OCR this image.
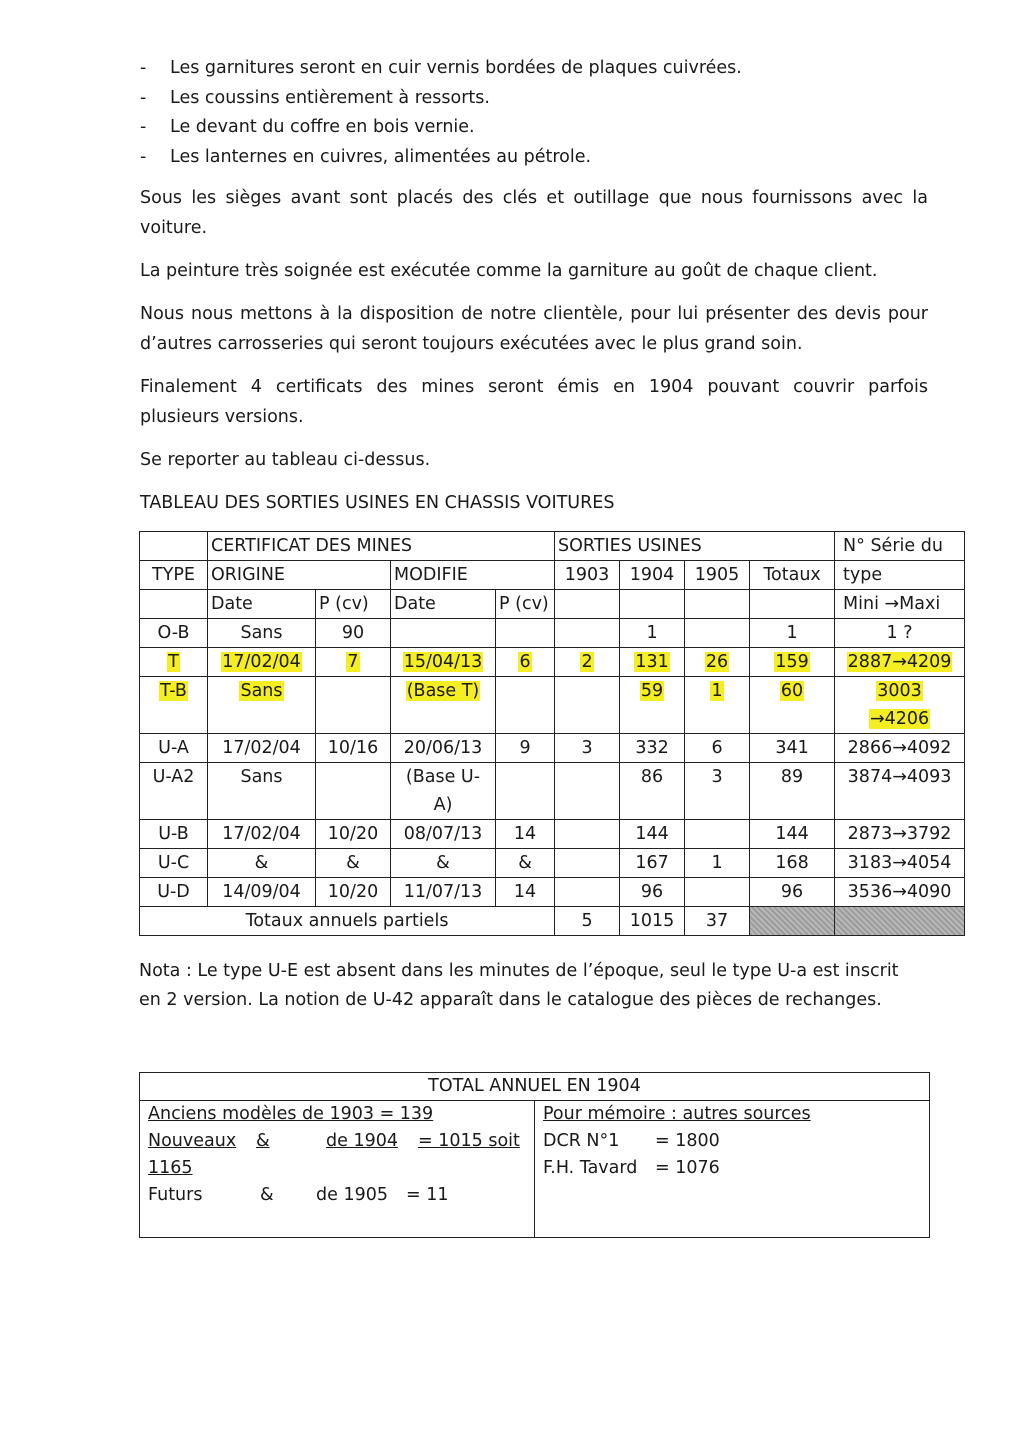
- Les garnitures seront en cuir vernis bordées de plaques cuivrées.
- Les coussins entièrement à ressorts.
- Le devant du coffre en bois vernie.
- Les lanternes en cuivres, alimentées au pétrole.

Sous les sièges avant sont placés des clés et outillage que nous fournissons avec la
voiture.

La peinture très soignée est exécutée comme la garniture au goût de chaque client.

Nous nous mettons à la disposition de notre clientèle, pour lui présenter des devis pour
d’autres carrosseries qui seront toujours exécutées avec le plus grand soin.

Finalement 4 certificats des mines seront émis en 1904 pouvant couvrir parfois
plusieurs versions.

Se reporter au tableau ci-dessus.

TABLEAU DES SORTIES USINES EN CHASSIS VOITURES
	CERTIFICAT DES MINES				SORTIES USINES				N° Série du
TYPE	ORIGINE		MODIFIE		1903	1904	1905	Totaux	type
	Date	P (cv)	Date	P (cv)					Mini →Maxi
O-B	Sans	90				1		1	1 ?
T	17/02/04	7	15/04/13	6	2	131	26	159	2887→4209
T-B	Sans		(Base T)			59	1	60	3003
→4206
U-A	17/02/04	10/16	20/06/13	9	3	332	6	341	2866→4092
U-A2	Sans		(Base U-
A)			86	3	89	3874→4093
U-B	17/02/04	10/20	08/07/13	14		144		144	2873→3792
U-C	&	&	&	&		167	1	168	3183→4054
U-D	14/09/04	10/20	11/07/13	14		96		96	3536→4090
Totaux annuels partiels					5	1015	37		

Nota : Le type U-E est absent dans les minutes de l’époque, seul le type U-a est inscrit
en 2 version. La notion de U-42 apparaît dans le catalogue des pièces de rechanges.

TOTAL ANNUEL EN 1904

Anciens modèles de 1903 = 139
Nouveaux	&	de 1904	= 1015 soit
1165
Futurs	&	de 1905	= 11

Pour mémoire : autres sources
DCR N°1	= 1800
F.H. Tavard	= 1076
